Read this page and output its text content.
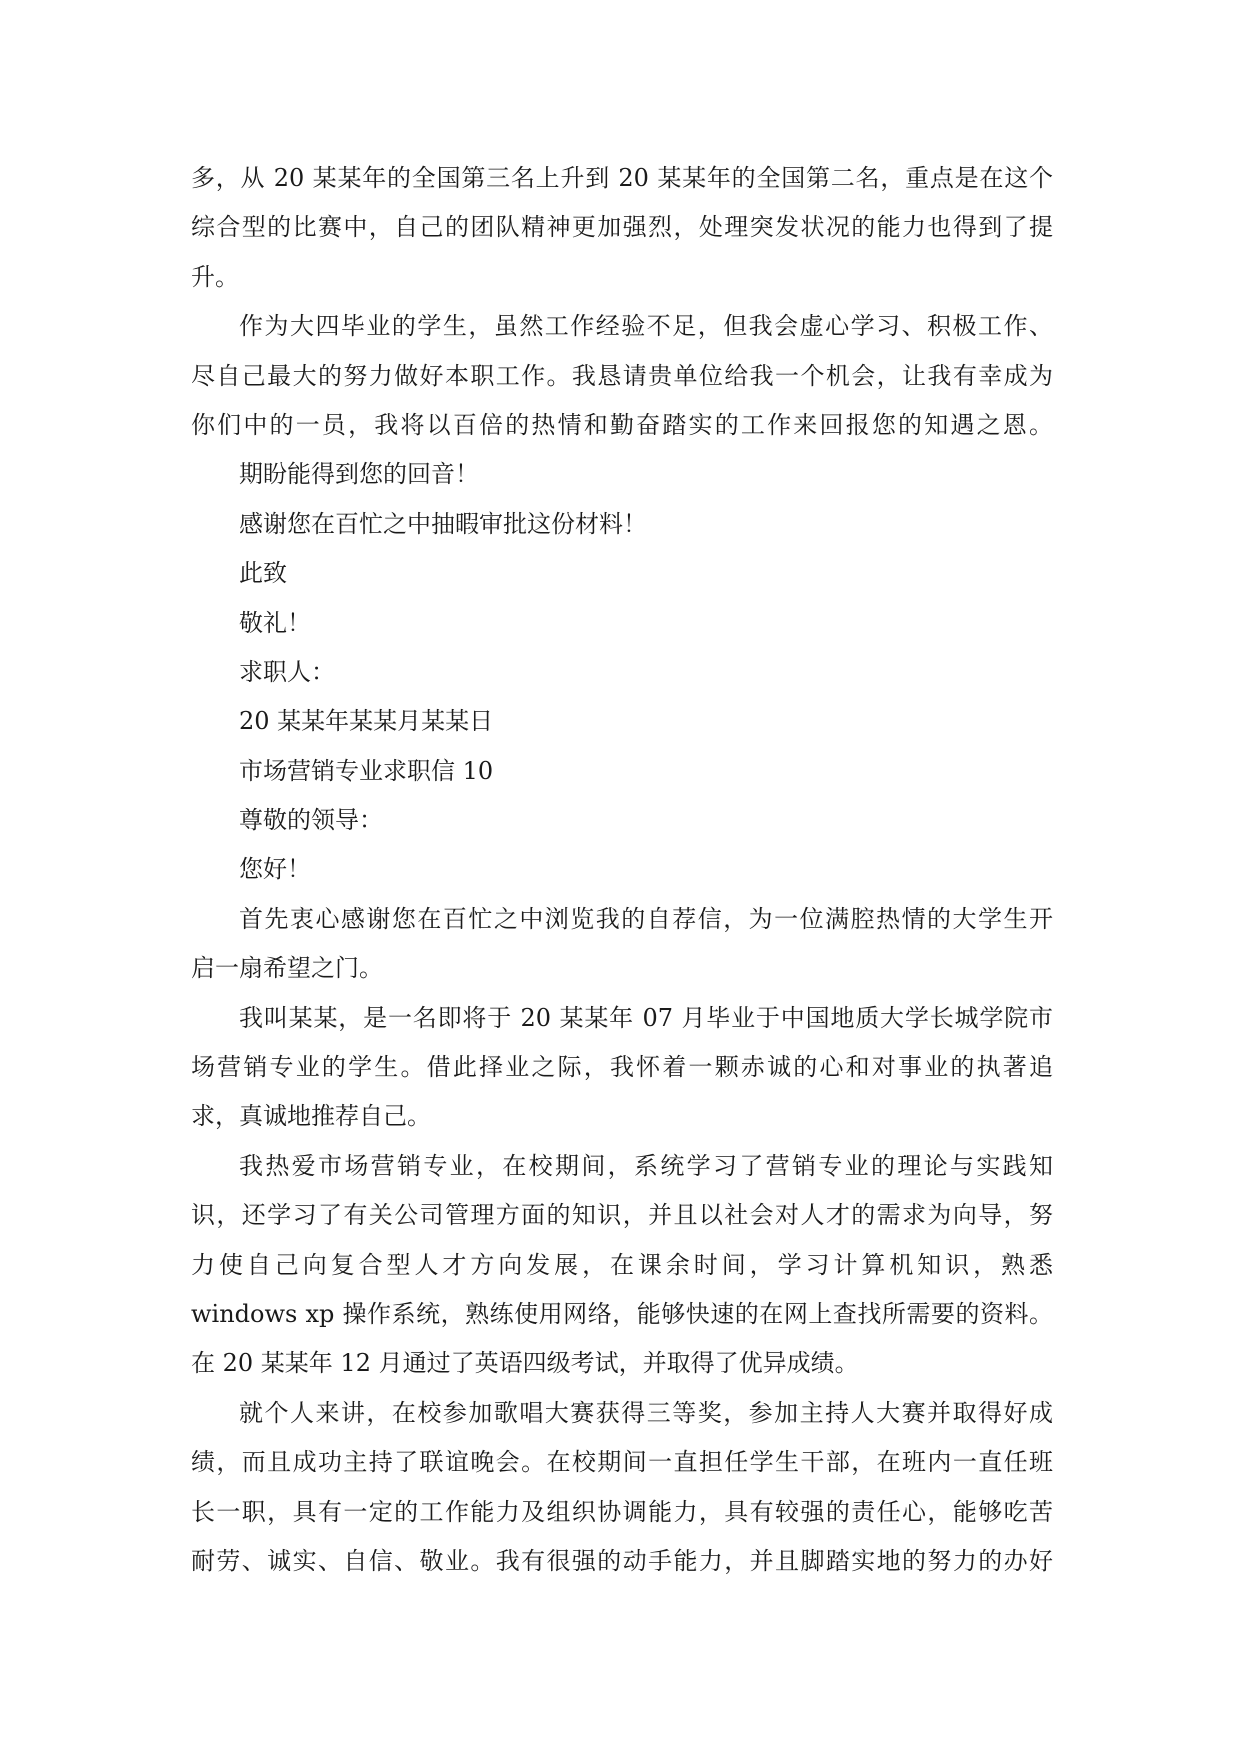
多，从 20 某某年的全国第三名上升到 20 某某年的全国第二名，重点是在这个
综合型的比赛中，自己的团队精神更加强烈，处理突发状况的能力也得到了提
升。
作为大四毕业的学生，虽然工作经验不足，但我会虚心学习、积极工作、
尽自己最大的努力做好本职工作。我恳请贵单位给我一个机会，让我有幸成为
你们中的一员，我将以百倍的热情和勤奋踏实的工作来回报您的知遇之恩。
期盼能得到您的回音！
感谢您在百忙之中抽暇审批这份材料！
此致
敬礼！
求职人：
20 某某年某某月某某日
市场营销专业求职信 10
尊敬的领导：
您好！
首先衷心感谢您在百忙之中浏览我的自荐信，为一位满腔热情的大学生开
启一扇希望之门。
我叫某某，是一名即将于 20 某某年 07 月毕业于中国地质大学长城学院市
场营销专业的学生。借此择业之际，我怀着一颗赤诚的心和对事业的执著追
求，真诚地推荐自己。
我热爱市场营销专业，在校期间，系统学习了营销专业的理论与实践知
识，还学习了有关公司管理方面的知识，并且以社会对人才的需求为向导，努
力使自己向复合型人才方向发展，在课余时间，学习计算机知识，熟悉
windows xp 操作系统，熟练使用网络，能够快速的在网上查找所需要的资料。
在 20 某某年 12 月通过了英语四级考试，并取得了优异成绩。
就个人来讲，在校参加歌唱大赛获得三等奖，参加主持人大赛并取得好成
绩，而且成功主持了联谊晚会。在校期间一直担任学生干部，在班内一直任班
长一职，具有一定的工作能力及组织协调能力，具有较强的责任心，能够吃苦
耐劳、诚实、自信、敬业。我有很强的动手能力，并且脚踏实地的努力的办好
